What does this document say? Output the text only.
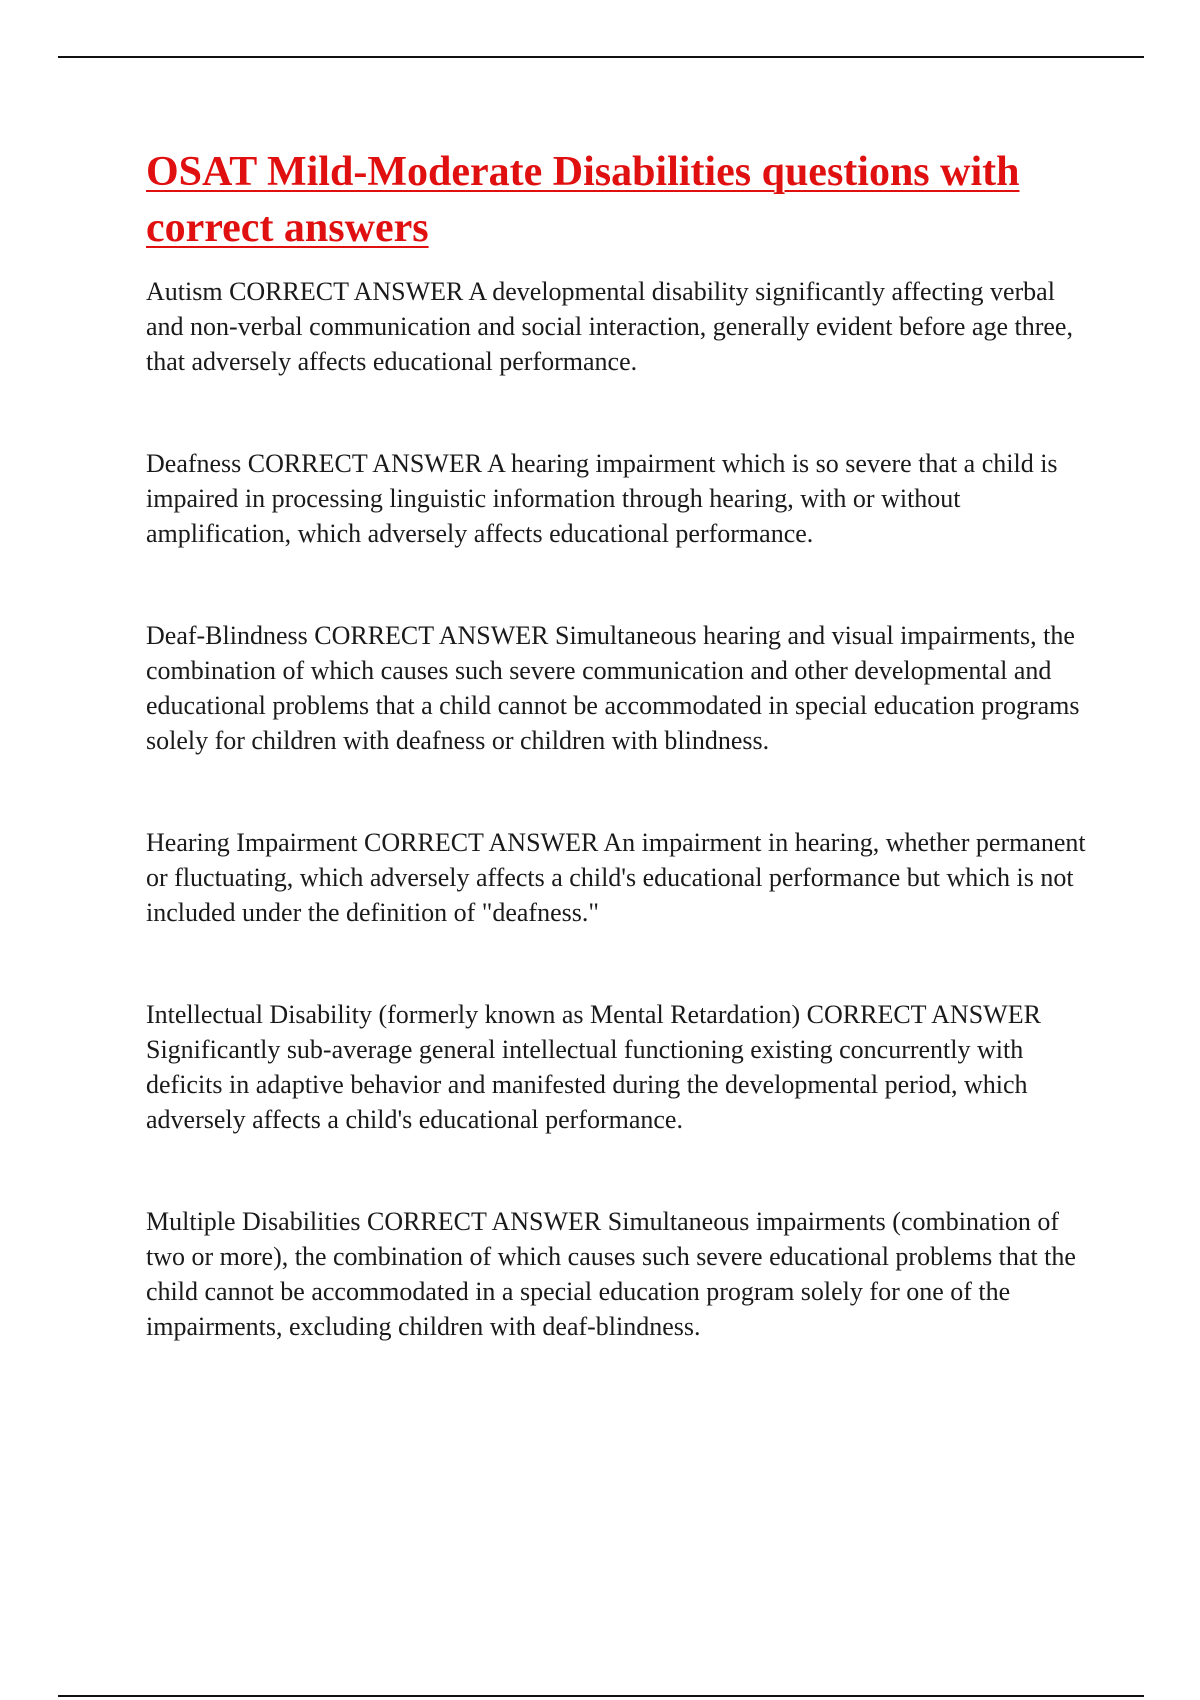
OSAT Mild-Moderate Disabilities questions with correct answers

Autism CORRECT ANSWER A developmental disability significantly affecting verbal and non-verbal communication and social interaction, generally evident before age three, that adversely affects educational performance.

Deafness CORRECT ANSWER A hearing impairment which is so severe that a child is impaired in processing linguistic information through hearing, with or without amplification, which adversely affects educational performance.

Deaf-Blindness CORRECT ANSWER Simultaneous hearing and visual impairments, the combination of which causes such severe communication and other developmental and educational problems that a child cannot be accommodated in special education programs solely for children with deafness or children with blindness.

Hearing Impairment CORRECT ANSWER An impairment in hearing, whether permanent or fluctuating, which adversely affects a child's educational performance but which is not included under the definition of "deafness."

Intellectual Disability (formerly known as Mental Retardation) CORRECT ANSWER Significantly sub-average general intellectual functioning existing concurrently with deficits in adaptive behavior and manifested during the developmental period, which adversely affects a child's educational performance.

Multiple Disabilities CORRECT ANSWER Simultaneous impairments (combination of two or more), the combination of which causes such severe educational problems that the child cannot be accommodated in a special education program solely for one of the impairments, excluding children with deaf-blindness.
